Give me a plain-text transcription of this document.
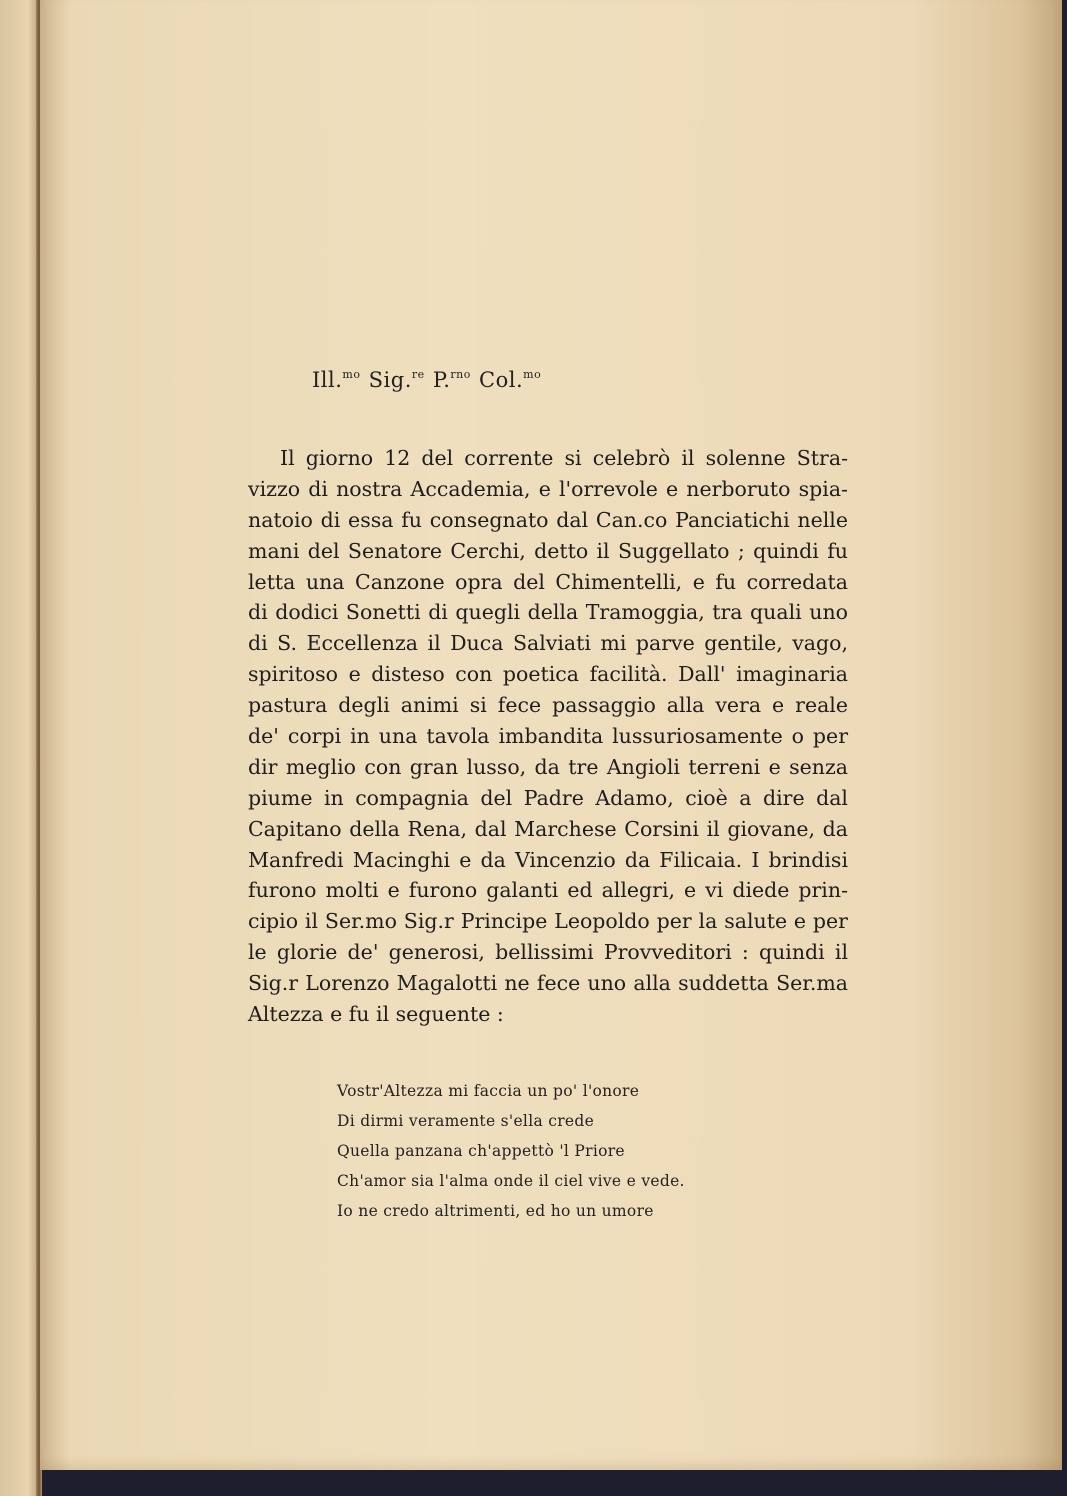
Ill.$^{mo}$ Sig.$^{re}$ P.$^{rno}$ Col.$^{mo}$
Il giorno 12 del corrente si celebrò il solenne Stra-
vizzo di nostra Accademia, e l'orrevole e nerboruto spia-
natoio di essa fu consegnato dal Can.co Panciatichi nelle
mani del Senatore Cerchi, detto il Suggellato ; quindi fu
letta una Canzone opra del Chimentelli, e fu corredata
di dodici Sonetti di quegli della Tramoggia, tra quali uno
di S. Eccellenza il Duca Salviati mi parve gentile, vago,
spiritoso e disteso con poetica facilità. Dall' imaginaria
pastura degli animi si fece passaggio alla vera e reale
de' corpi in una tavola imbandita lussuriosamente o per
dir meglio con gran lusso, da tre Angioli terreni e senza
piume in compagnia del Padre Adamo, cioè a dire dal
Capitano della Rena, dal Marchese Corsini il giovane, da
Manfredi Macinghi e da Vincenzio da Filicaia. I brindisi
furono molti e furono galanti ed allegri, e vi diede prin-
cipio il Ser.mo Sig.r Principe Leopoldo per la salute e per
le glorie de' generosi, bellissimi Provveditori : quindi il
Sig.r Lorenzo Magalotti ne fece uno alla suddetta Ser.ma
Altezza e fu il seguente :
Vostr'Altezza mi faccia un po' l'onore
Di dirmi veramente s'ella crede
Quella panzana ch'appettò 'l Priore
Ch'amor sia l'alma onde il ciel vive e vede.
Io ne credo altrimenti, ed ho un umore
